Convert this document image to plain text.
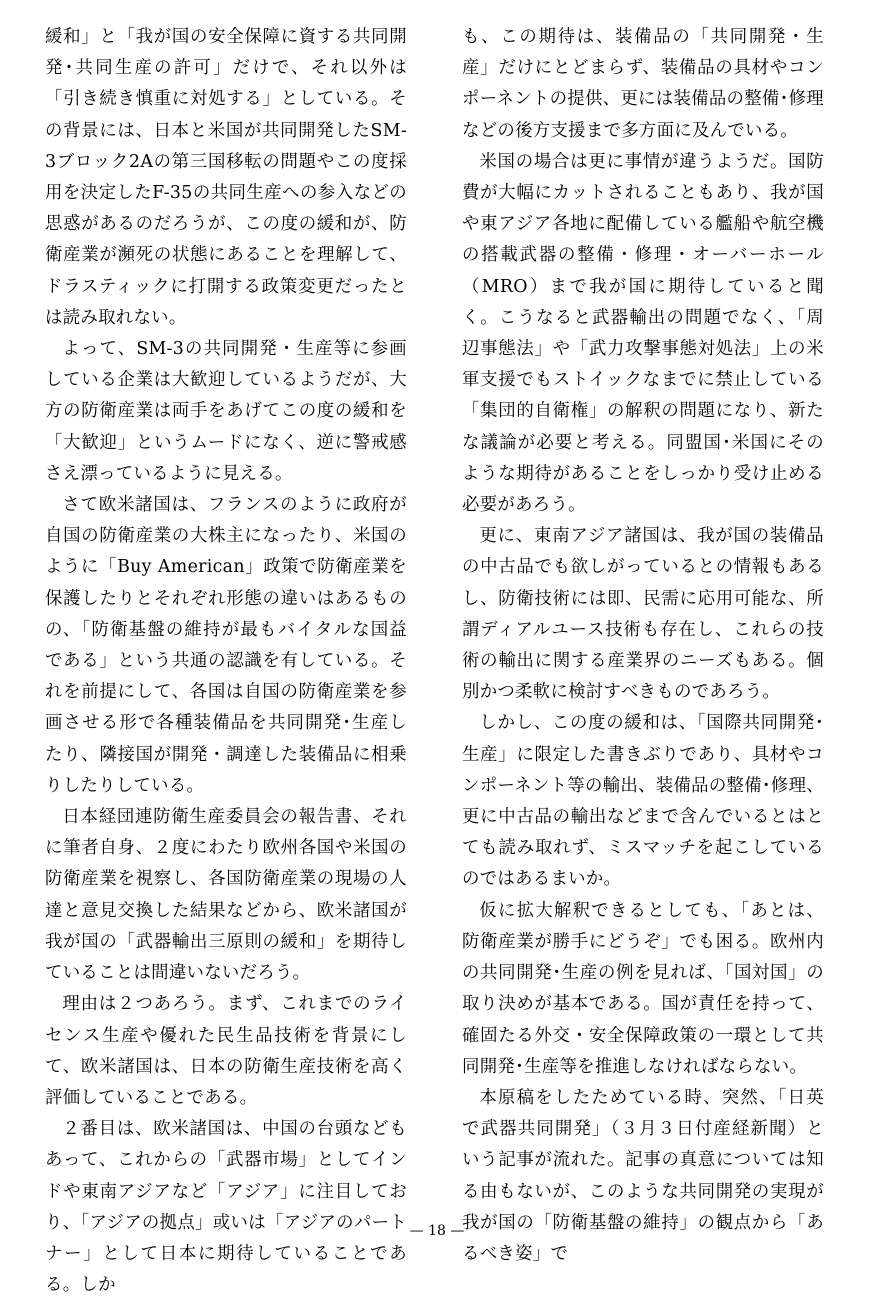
緩和」と「我が国の安全保障に資する共同開発･共同生産の許可」だけで、それ以外は「引き続き慎重に対処する」としている。その背景には、日本と米国が共同開発したSM-3ブロック2Aの第三国移転の問題やこの度採用を決定したF-35の共同生産への参入などの思惑があるのだろうが、この度の緩和が、防衛産業が瀕死の状態にあることを理解して、ドラスティックに打開する政策変更だったとは読み取れない。

よって、SM-3の共同開発・生産等に参画している企業は大歓迎しているようだが、大方の防衛産業は両手をあげてこの度の緩和を「大歓迎」というムードになく、逆に警戒感さえ漂っているように見える。

さて欧米諸国は、フランスのように政府が自国の防衛産業の大株主になったり、米国のように「Buy American」政策で防衛産業を保護したりとそれぞれ形態の違いはあるものの、「防衛基盤の維持が最もバイタルな国益である」という共通の認識を有している。それを前提にして、各国は自国の防衛産業を参画させる形で各種装備品を共同開発･生産したり、隣接国が開発・調達した装備品に相乗りしたりしている。

日本経団連防衛生産委員会の報告書、それに筆者自身、２度にわたり欧州各国や米国の防衛産業を視察し、各国防衛産業の現場の人達と意見交換した結果などから、欧米諸国が我が国の「武器輸出三原則の緩和」を期待していることは間違いないだろう。

理由は２つあろう。まず、これまでのライセンス生産や優れた民生品技術を背景にして、欧米諸国は、日本の防衛生産技術を高く評価していることである。

２番目は、欧米諸国は、中国の台頭などもあって、これからの「武器市場」としてインドや東南アジアなど「アジア」に注目しており、「アジアの拠点」或いは「アジアのパートナー」として日本に期待していることである。しか

も、この期待は、装備品の「共同開発・生産」だけにとどまらず、装備品の具材やコンポーネントの提供、更には装備品の整備･修理などの後方支援まで多方面に及んでいる。

米国の場合は更に事情が違うようだ。国防費が大幅にカットされることもあり、我が国や東アジア各地に配備している艦船や航空機の搭載武器の整備・修理・オーバーホール（MRO）まで我が国に期待していると聞く。こうなると武器輸出の問題でなく、「周辺事態法」や「武力攻撃事態対処法」上の米軍支援でもストイックなまでに禁止している「集団的自衛権」の解釈の問題になり、新たな議論が必要と考える。同盟国･米国にそのような期待があることをしっかり受け止める必要があろう。

更に、東南アジア諸国は、我が国の装備品の中古品でも欲しがっているとの情報もあるし、防衛技術には即、民需に応用可能な、所謂ディアルユース技術も存在し、これらの技術の輸出に関する産業界のニーズもある。個別かつ柔軟に検討すべきものであろう。

しかし、この度の緩和は、「国際共同開発･生産」に限定した書きぶりであり、具材やコンポーネント等の輸出、装備品の整備･修理、更に中古品の輸出などまで含んでいるとはとても読み取れず、ミスマッチを起こしているのではあるまいか。

仮に拡大解釈できるとしても、「あとは、防衛産業が勝手にどうぞ」でも困る。欧州内の共同開発･生産の例を見れば、「国対国」の取り決めが基本である。国が責任を持って、確固たる外交・安全保障政策の一環として共同開発･生産等を推進しなければならない。

本原稿をしたためている時、突然、「日英で武器共同開発」（３月３日付産経新聞）という記事が流れた。記事の真意については知る由もないが、このような共同開発の実現が我が国の「防衛基盤の維持」の観点から「あるべき姿」で

— 18 —
